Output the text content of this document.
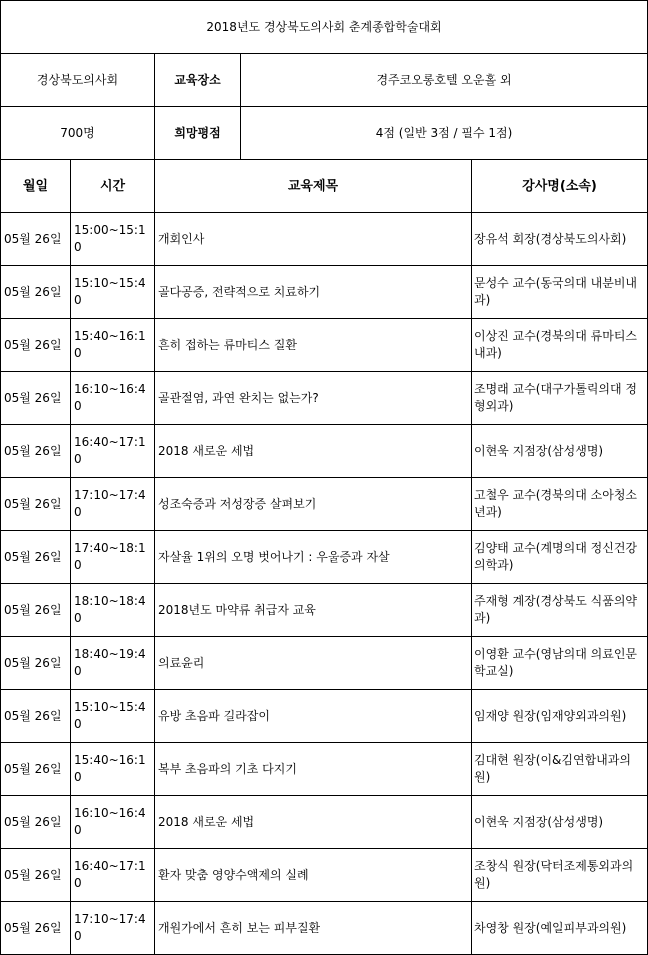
2018년도 경상북도의사회 춘계종합학술대회				
경상북도의사회		교육장소	경주코오롱호텔 오운홀 외	
700명		희망평점	4점 (일반 3점 / 필수 1점)	
월일	시간	교육제목		강사명(소속)
05월 26일	15:00~15:10	개회인사		장유석 회장(경상북도의사회)
05월 26일	15:10~15:40	골다공증, 전략적으로 치료하기		문성수 교수(동국의대 내분비내과)
05월 26일	15:40~16:10	흔히 접하는 류마티스 질환		이상진 교수(경북의대 류마티스내과)
05월 26일	16:10~16:40	골관절염, 과연 완치는 없는가?		조명래 교수(대구가톨릭의대 정형외과)
05월 26일	16:40~17:10	2018 새로운 세법		이현욱 지점장(삼성생명)
05월 26일	17:10~17:40	성조숙증과 저성장증 살펴보기		고철우 교수(경북의대 소아청소년과)
05월 26일	17:40~18:10	자살율 1위의 오명 벗어나기 : 우울증과 자살		김양태 교수(계명의대 정신건강의학과)
05월 26일	18:10~18:40	2018년도 마약류 취급자 교육		주재형 계장(경상북도 식품의약과)
05월 26일	18:40~19:40	의료윤리		이영환 교수(영남의대 의료인문학교실)
05월 26일	15:10~15:40	유방 초음파 길라잡이		임재양 원장(임재양외과의원)
05월 26일	15:40~16:10	복부 초음파의 기초 다지기		김대현 원장(이&김연합내과의원)
05월 26일	16:10~16:40	2018 새로운 세법		이현욱 지점장(삼성생명)
05월 26일	16:40~17:10	환자 맞춤 영양수액제의 실례		조창식 원장(닥터조제통외과의원)
05월 26일	17:10~17:40	개원가에서 흔히 보는 피부질환		차영창 원장(예일피부과의원)
